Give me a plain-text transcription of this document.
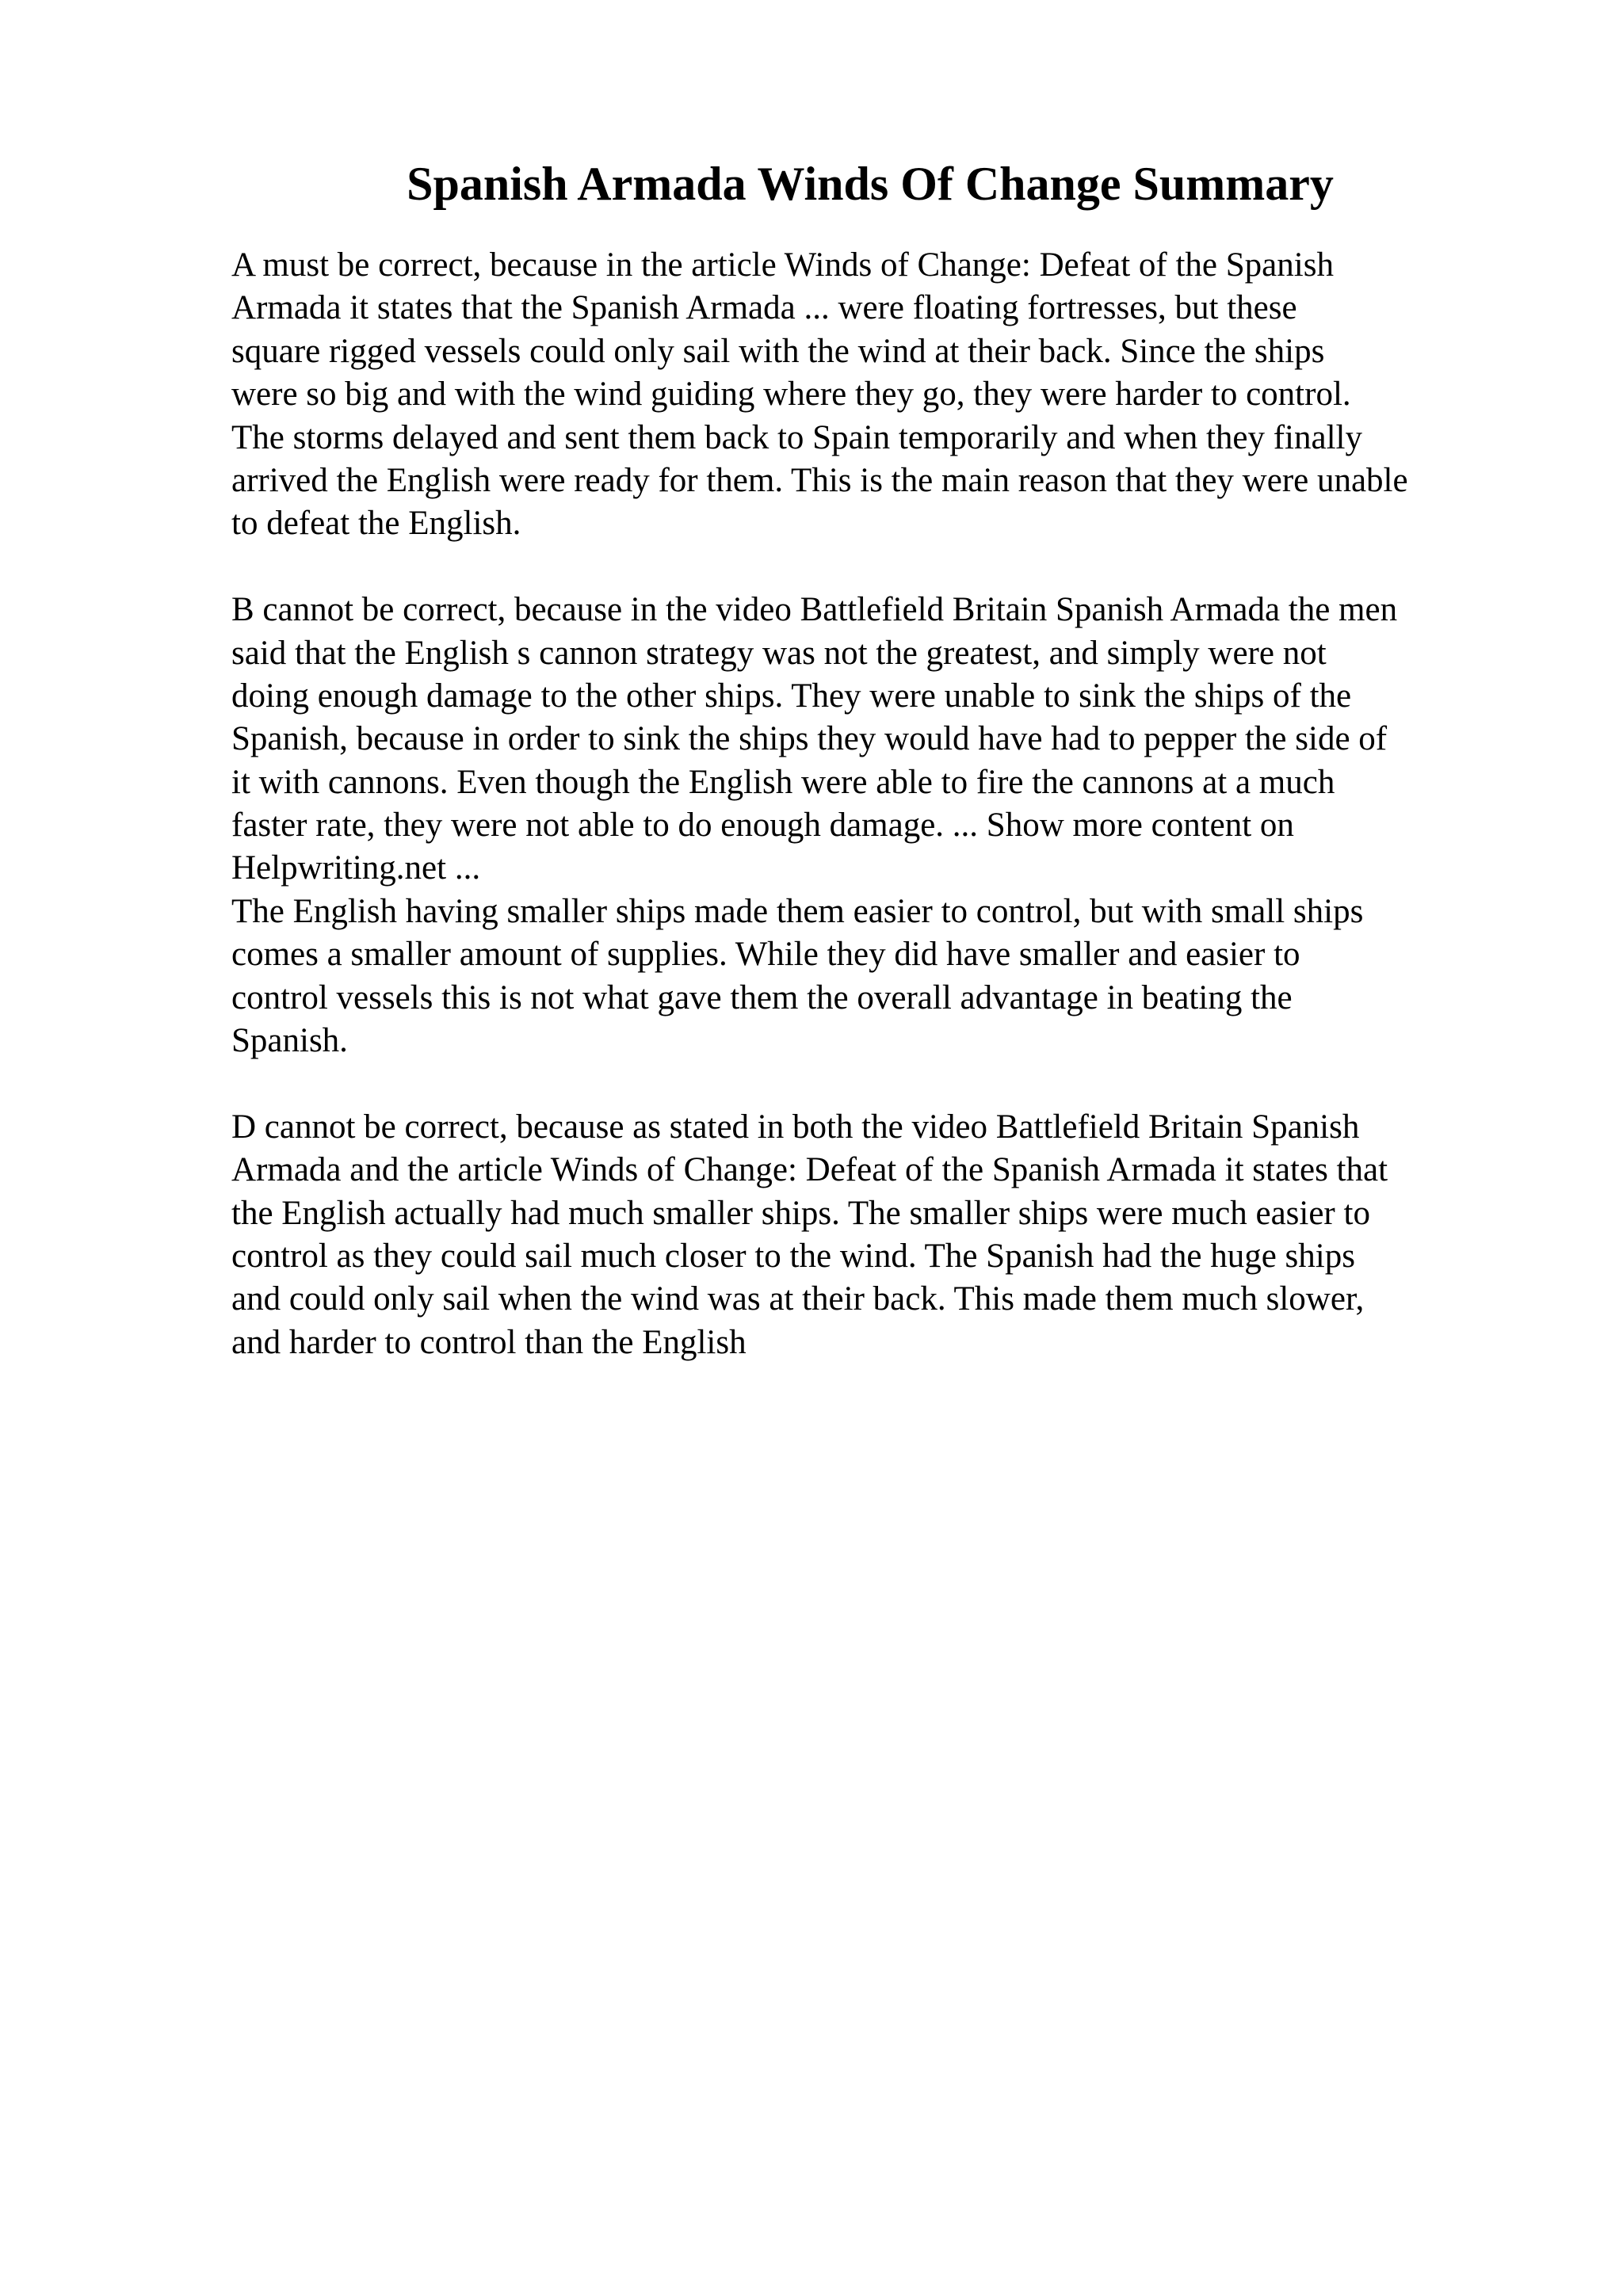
Spanish Armada Winds Of Change Summary
A must be correct, because in the article Winds of Change: Defeat of the Spanish
Armada it states that the Spanish Armada ... were floating fortresses, but these
square rigged vessels could only sail with the wind at their back. Since the ships
were so big and with the wind guiding where they go, they were harder to control.
The storms delayed and sent them back to Spain temporarily and when they finally
arrived the English were ready for them. This is the main reason that they were unable
to defeat the English.
B cannot be correct, because in the video Battlefield Britain Spanish Armada the men
said that the English s cannon strategy was not the greatest, and simply were not
doing enough damage to the other ships. They were unable to sink the ships of the
Spanish, because in order to sink the ships they would have had to pepper the side of
it with cannons. Even though the English were able to fire the cannons at a much
faster rate, they were not able to do enough damage. ... Show more content on
Helpwriting.net ...
The English having smaller ships made them easier to control, but with small ships
comes a smaller amount of supplies. While they did have smaller and easier to
control vessels this is not what gave them the overall advantage in beating the
Spanish.
D cannot be correct, because as stated in both the video Battlefield Britain Spanish
Armada and the article Winds of Change: Defeat of the Spanish Armada it states that
the English actually had much smaller ships. The smaller ships were much easier to
control as they could sail much closer to the wind. The Spanish had the huge ships
and could only sail when the wind was at their back. This made them much slower,
and harder to control than the English
